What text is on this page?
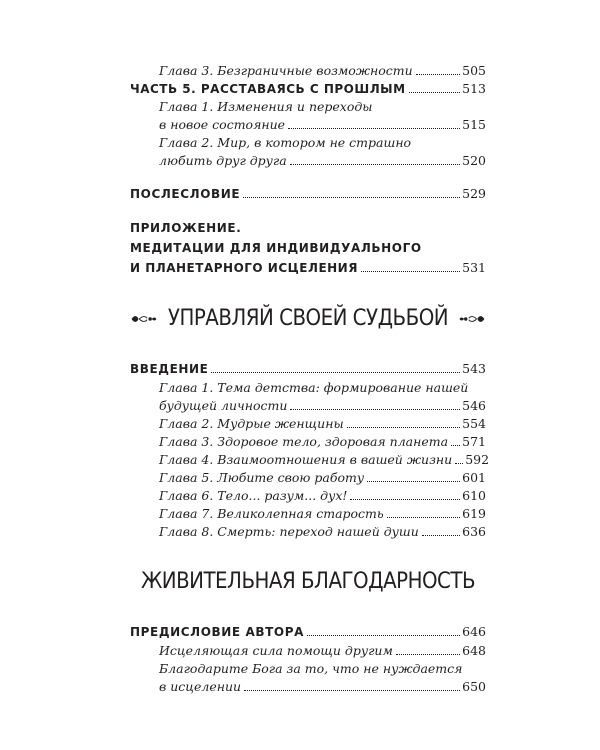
Глава 3. Безграничные возможности	505
ЧАСТЬ 5. РАССТАВАЯСЬ С ПРОШЛЫМ	513
Глава 1. Изменения и переходы
в новое состояние	515
Глава 2. Мир, в котором не страшно
любить друг друга	520
ПОСЛЕСЛОВИЕ	529
ПРИЛОЖЕНИЕ.
МЕДИТАЦИИ ДЛЯ ИНДИВИДУАЛЬНОГО
И ПЛАНЕТАРНОГО ИСЦЕЛЕНИЯ	531
УПРАВЛЯЙ СВОЕЙ СУДЬБОЙ
ВВЕДЕНИЕ	543
Глава 1. Тема детства: формирование нашей
будущей личности	546
Глава 2. Мудрые женщины	554
Глава 3. Здоровое тело, здоровая планета 571
Глава 4. Взаимоотношения в вашей жизни 592
Глава 5. Любите свою работу	601
Глава 6. Тело... разум... дух!	610
Глава 7. Великолепная старость	619
Глава 8. Смерть: переход нашей души	636
ЖИВИТЕЛЬНАЯ БЛАГОДАРНОСТЬ
ПРЕДИСЛОВИЕ АВТОРА	646
Исцеляющая сила помощи другим	648
Благодарите Бога за то, что не нуждается
в исцелении	650
